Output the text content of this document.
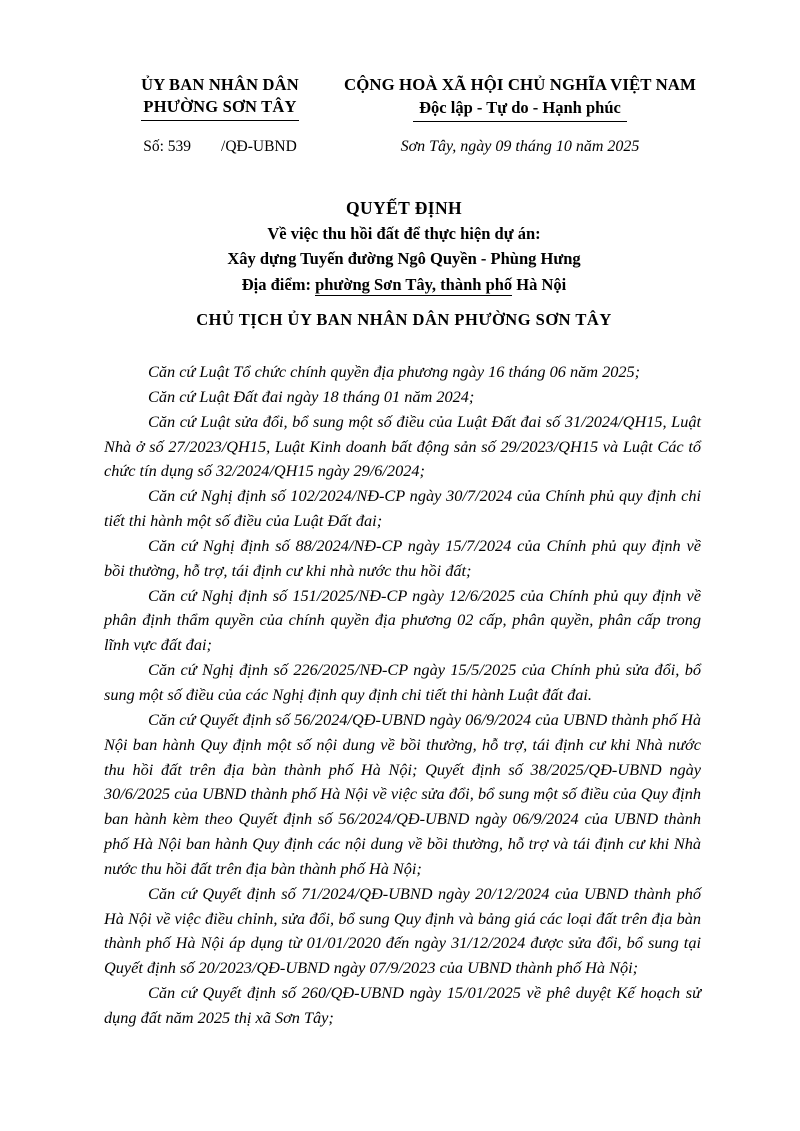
ỦY BAN NHÂN DÂN
PHƯỜNG SƠN TÂY
CỘNG HOÀ XÃ HỘI CHỦ NGHĨA VIỆT NAM
Độc lập - Tự do - Hạnh phúc
Số: 539 /QĐ-UBND	Sơn Tây, ngày 09 tháng 10 năm 2025
QUYẾT ĐỊNH
Về việc thu hồi đất để thực hiện dự án:
Xây dựng Tuyến đường Ngô Quyền - Phùng Hưng
Địa điểm: phường Sơn Tây, thành phố Hà Nội
CHỦ TỊCH ỦY BAN NHÂN DÂN PHƯỜNG SƠN TÂY

Căn cứ Luật Tổ chức chính quyền địa phương ngày 16 tháng 06 năm 2025;

Căn cứ Luật Đất đai ngày 18 tháng 01 năm 2024;

Căn cứ Luật sửa đổi, bổ sung một số điều của Luật Đất đai số 31/2024/QH15, Luật Nhà ở số 27/2023/QH15, Luật Kinh doanh bất động sản số 29/2023/QH15 và Luật Các tổ chức tín dụng số 32/2024/QH15 ngày 29/6/2024;

Căn cứ Nghị định số 102/2024/NĐ-CP ngày 30/7/2024 của Chính phủ quy định chi tiết thi hành một số điều của Luật Đất đai;

Căn cứ Nghị định số 88/2024/NĐ-CP ngày 15/7/2024 của Chính phủ quy định về bồi thường, hỗ trợ, tái định cư khi nhà nước thu hồi đất;

Căn cứ Nghị định số 151/2025/NĐ-CP ngày 12/6/2025 của Chính phủ quy định về phân định thẩm quyền của chính quyền địa phương 02 cấp, phân quyền, phân cấp trong lĩnh vực đất đai;

Căn cứ Nghị định số 226/2025/NĐ-CP ngày 15/5/2025 của Chính phủ sửa đổi, bổ sung một số điều của các Nghị định quy định chi tiết thi hành Luật đất đai.

Căn cứ Quyết định số 56/2024/QĐ-UBND ngày 06/9/2024 của UBND thành phố Hà Nội ban hành Quy định một số nội dung về bồi thường, hỗ trợ, tái định cư khi Nhà nước thu hồi đất trên địa bàn thành phố Hà Nội; Quyết định số 38/2025/QĐ-UBND ngày 30/6/2025 của UBND thành phố Hà Nội về việc sửa đổi, bổ sung một số điều của Quy định ban hành kèm theo Quyết định số 56/2024/QĐ-UBND ngày 06/9/2024 của UBND thành phố Hà Nội ban hành Quy định các nội dung về bồi thường, hỗ trợ và tái định cư khi Nhà nước thu hồi đất trên địa bàn thành phố Hà Nội;

Căn cứ Quyết định số 71/2024/QĐ-UBND ngày 20/12/2024 của UBND thành phố Hà Nội về việc điều chỉnh, sửa đổi, bổ sung Quy định và bảng giá các loại đất trên địa bàn thành phố Hà Nội áp dụng từ 01/01/2020 đến ngày 31/12/2024 được sửa đổi, bổ sung tại Quyết định số 20/2023/QĐ-UBND ngày 07/9/2023 của UBND thành phố Hà Nội;

Căn cứ Quyết định số 260/QĐ-UBND ngày 15/01/2025 về phê duyệt Kế hoạch sử dụng đất năm 2025 thị xã Sơn Tây;
